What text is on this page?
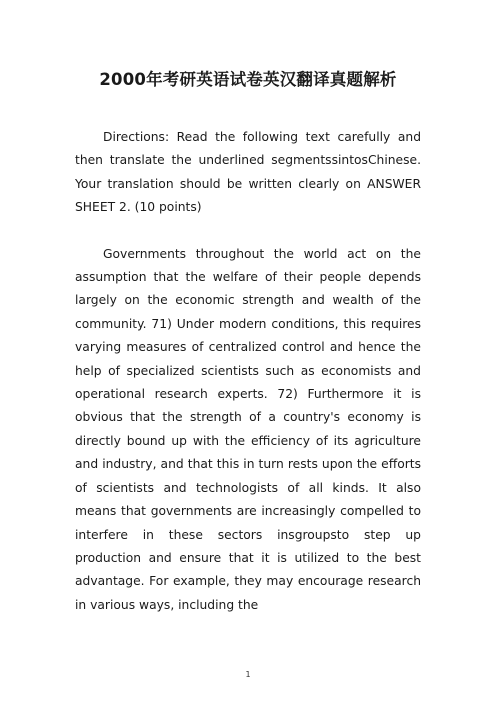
2000年考研英语试卷英汉翻译真题解析

Directions: Read the following text carefully and then translate the underlined segmentssintosChinese. Your translation should be written clearly on ANSWER SHEET 2. (10 points)

Governments throughout the world act on the assumption that the welfare of their people depends largely on the economic strength and wealth of the community. 71) Under modern conditions, this requires varying measures of centralized control and hence the help of specialized scientists such as economists and operational research experts. 72) Furthermore it is obvious that the strength of a country's economy is directly bound up with the efficiency of its agriculture and industry, and that this in turn rests upon the efforts of scientists and technologists of all kinds. It also means that governments are increasingly compelled to interfere in these sectors insgroupsto step up production and ensure that it is utilized to the best advantage. For example, they may encourage research in various ways, including the

1
